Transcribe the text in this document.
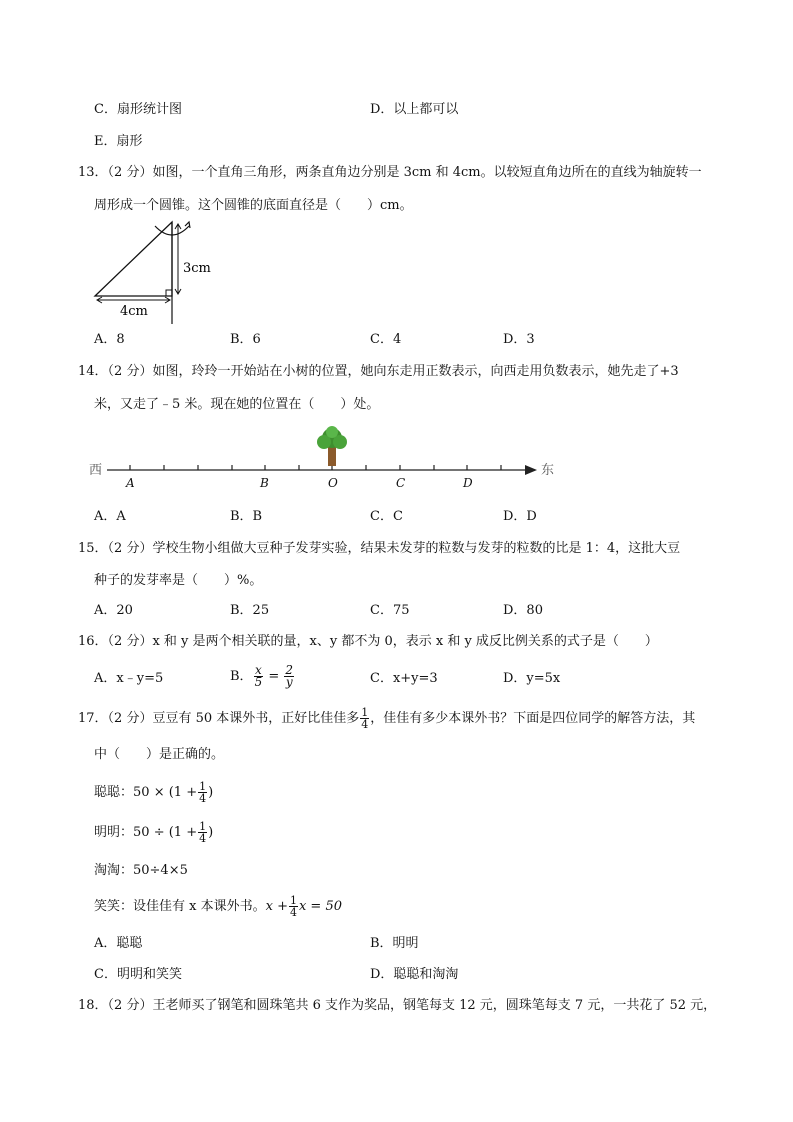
C．扇形统计图	D．以上都可以
E．扇形
13．（2 分）如图，一个直角三角形，两条直角边分别是 3cm 和 4cm。以较短直角边所在的直线为轴旋转一
周形成一个圆锥。这个圆锥的底面直径是（　　）cm。
3cm
4cm
A．8	B．6	C．4	D．3
14．（2 分）如图，玲玲一开始站在小树的位置，她向东走用正数表示，向西走用负数表示，她先走了+3
米，又走了﹣5 米。现在她的位置在（　　）处。
西	东
A	B	O	C	D
A．A	B．B	C．C	D．D
15．（2 分）学校生物小组做大豆种子发芽实验，结果未发芽的粒数与发芽的粒数的比是 1：4，这批大豆
种子的发芽率是（　　）%。
A．20	B．25	C．75	D．80
16．（2 分）x 和 y 是两个相关联的量，x、y 都不为 0，表示 x 和 y 成反比例关系的式子是（　　）
A．x﹣y=5	B． $\frac{x}{5} = \frac{2}{y}$	C．x+y=3	D．y=5x
17．（2 分）豆豆有 50 本课外书，正好比佳佳多 $\frac{1}{4}$ ，佳佳有多少本课外书？下面是四位同学的解答方法，其
中（　　）是正确的。
聪聪：$50 \times (1 + \frac{1}{4}$ )
明明：$50 \div (1 + \frac{1}{4}$ )
淘淘：50÷4×5
笑笑：设佳佳有 x 本课外书。$x + \frac{1}{4}$ x = 50
A．聪聪	B．明明
C．明明和笑笑	D．聪聪和淘淘
18．（2 分）王老师买了钢笔和圆珠笔共 6 支作为奖品，钢笔每支 12 元，圆珠笔每支 7 元，一共花了 52 元，
